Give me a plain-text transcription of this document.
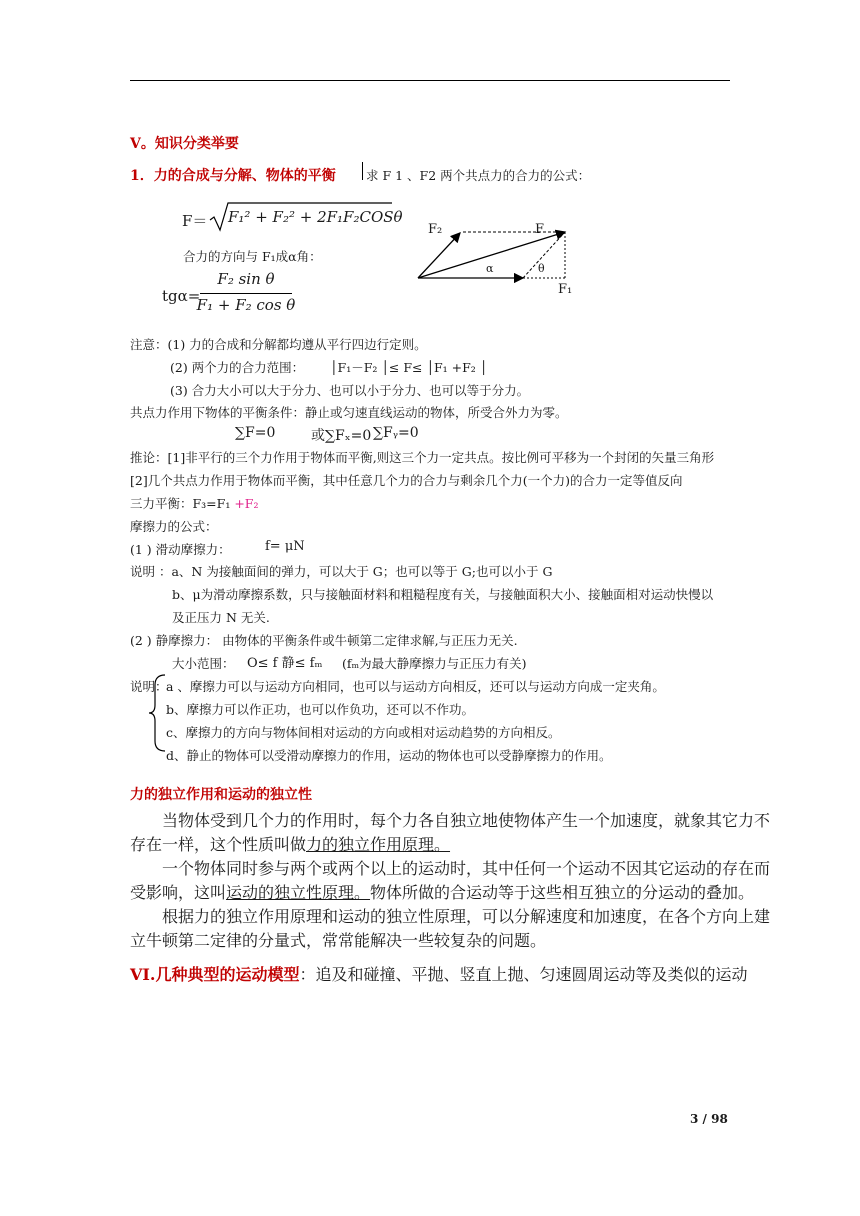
V。知识分类举要
1．力的合成与分解、物体的平衡 求 F 1 、F2 两个共点力的合力的公式：
F＝ F₁² + F₂² + 2F₁F₂COSθ
合力的方向与 F₁成α角：
tgα=
F₂ sin θ
F₁ + F₂ cos θ
F₂	F
α	θ
F₁
注意：(1) 力的合成和分解都均遵从平行四边行定则。
(2) 两个力的合力范围： │F₁－F₂ │≤ F≤ │F₁ +F₂ │
(3) 合力大小可以大于分力、也可以小于分力、也可以等于分力。
共点力作用下物体的平衡条件：静止或匀速直线运动的物体，所受合外力为零。
∑F=0	或∑Fₓ=0 ∑Fᵧ=0
推论：[1]非平行的三个力作用于物体而平衡,则这三个力一定共点。按比例可平移为一个封闭的矢量三角形
[2]几个共点力作用于物体而平衡，其中任意几个力的合力与剩余几个力(一个力)的合力一定等值反向
三力平衡：F₃=F₁ +F₂
摩擦力的公式：
(1 ) 滑动摩擦力：	f= μN
说明 ：a、N 为接触面间的弹力，可以大于 G；也可以等于 G;也可以小于 G
b、μ为滑动摩擦系数，只与接触面材料和粗糙程度有关，与接触面积大小、接触面相对运动快慢以
及正压力 N 无关.
(2 ) 静摩擦力： 由物体的平衡条件或牛顿第二定律求解,与正压力无关.
大小范围： O≤ f 静≤ fₘ (fₘ为最大静摩擦力与正压力有关)
说明：
a 、摩擦力可以与运动方向相同，也可以与运动方向相反，还可以与运动方向成一定夹角。
b、摩擦力可以作正功，也可以作负功，还可以不作功。
c、摩擦力的方向与物体间相对运动的方向或相对运动趋势的方向相反。
d、静止的物体可以受滑动摩擦力的作用，运动的物体也可以受静摩擦力的作用。
力的独立作用和运动的独立性
当物体受到几个力的作用时，每个力各自独立地使物体产生一个加速度，就象其它力不
存在一样，这个性质叫做力的独立作用原理。
一个物体同时参与两个或两个以上的运动时，其中任何一个运动不因其它运动的存在而
受影响，这叫运动的独立性原理。物体所做的合运动等于这些相互独立的分运动的叠加。
根据力的独立作用原理和运动的独立性原理，可以分解速度和加速度，在各个方向上建
立牛顿第二定律的分量式，常常能解决一些较复杂的问题。
VI.几种典型的运动模型：追及和碰撞、平抛、竖直上抛、匀速圆周运动等及类似的运动
3 / 98
